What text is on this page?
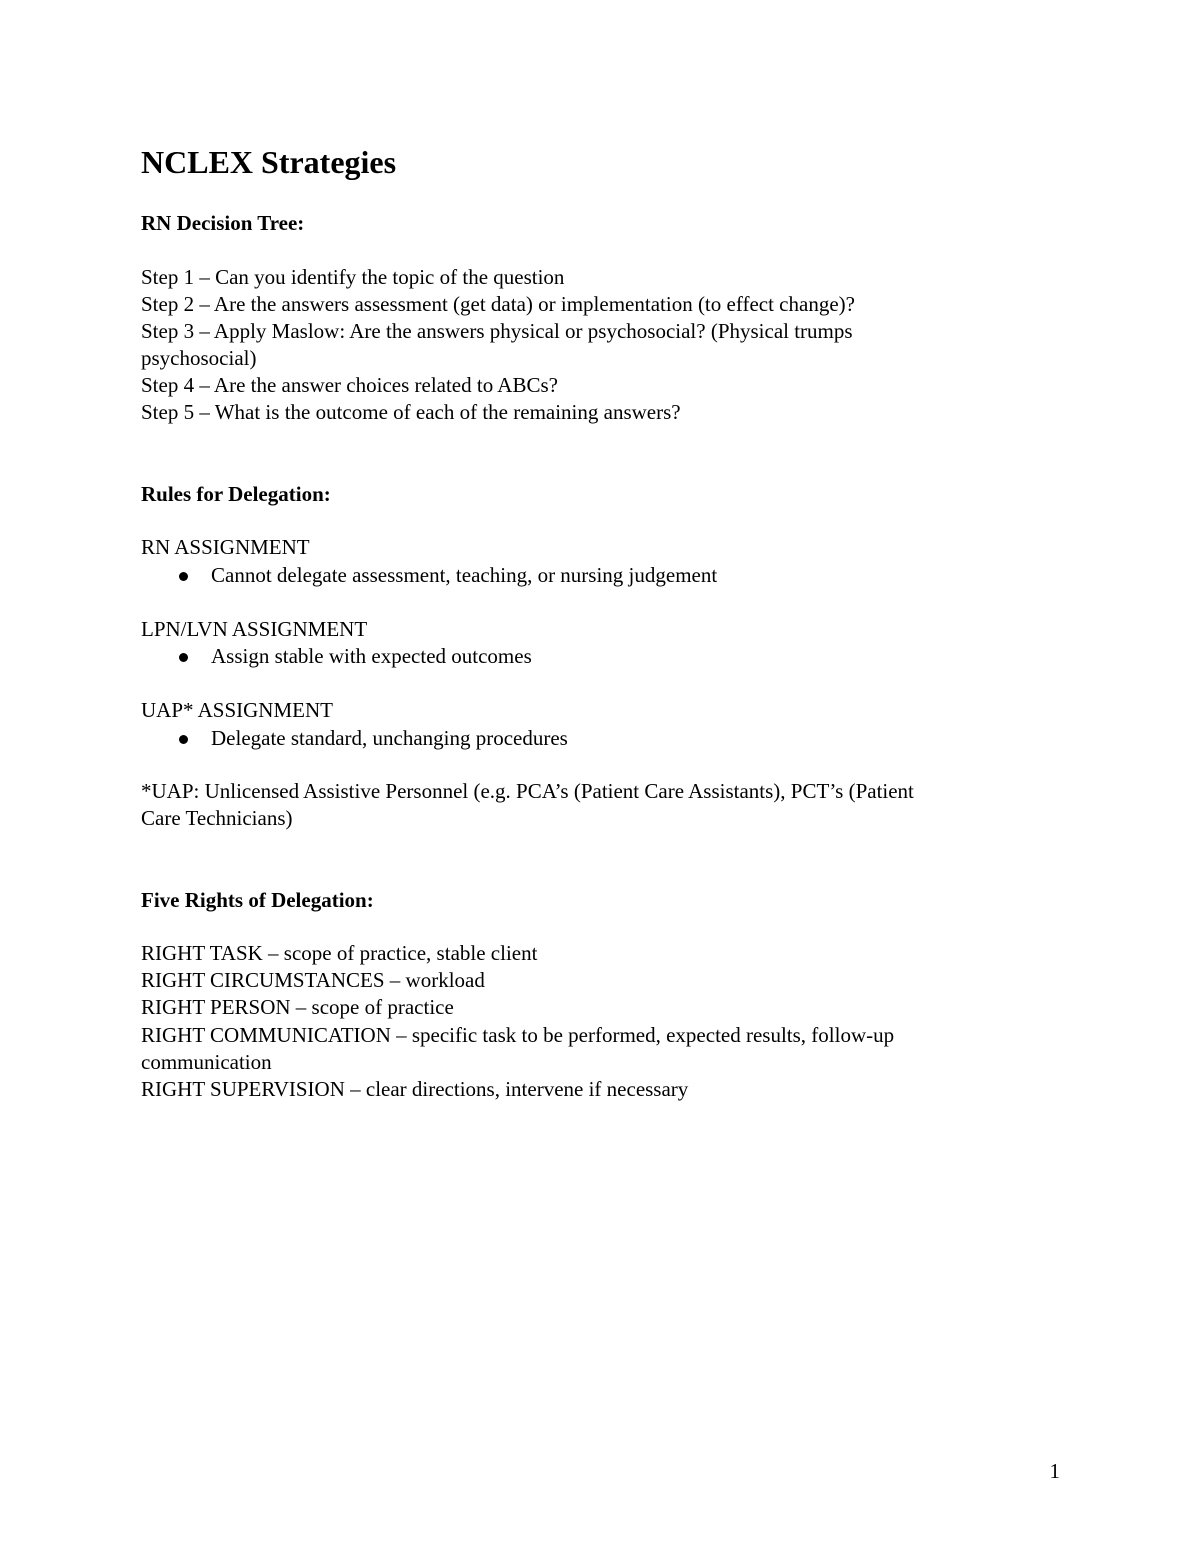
NCLEX Strategies
RN Decision Tree:
Step 1 – Can you identify the topic of the question
Step 2 – Are the answers assessment (get data) or implementation (to effect change)?
Step 3 – Apply Maslow: Are the answers physical or psychosocial? (Physical trumps
psychosocial)
Step 4 – Are the answer choices related to ABCs?
Step 5 – What is the outcome of each of the remaining answers?
Rules for Delegation:
RN ASSIGNMENT
Cannot delegate assessment, teaching, or nursing judgement
LPN/LVN ASSIGNMENT
Assign stable with expected outcomes
UAP* ASSIGNMENT
Delegate standard, unchanging procedures
*UAP: Unlicensed Assistive Personnel (e.g. PCA’s (Patient Care Assistants), PCT’s (Patient
Care Technicians)
Five Rights of Delegation:
RIGHT TASK – scope of practice, stable client
RIGHT CIRCUMSTANCES – workload
RIGHT PERSON – scope of practice
RIGHT COMMUNICATION – specific task to be performed, expected results, follow-up
communication
RIGHT SUPERVISION – clear directions, intervene if necessary
1
